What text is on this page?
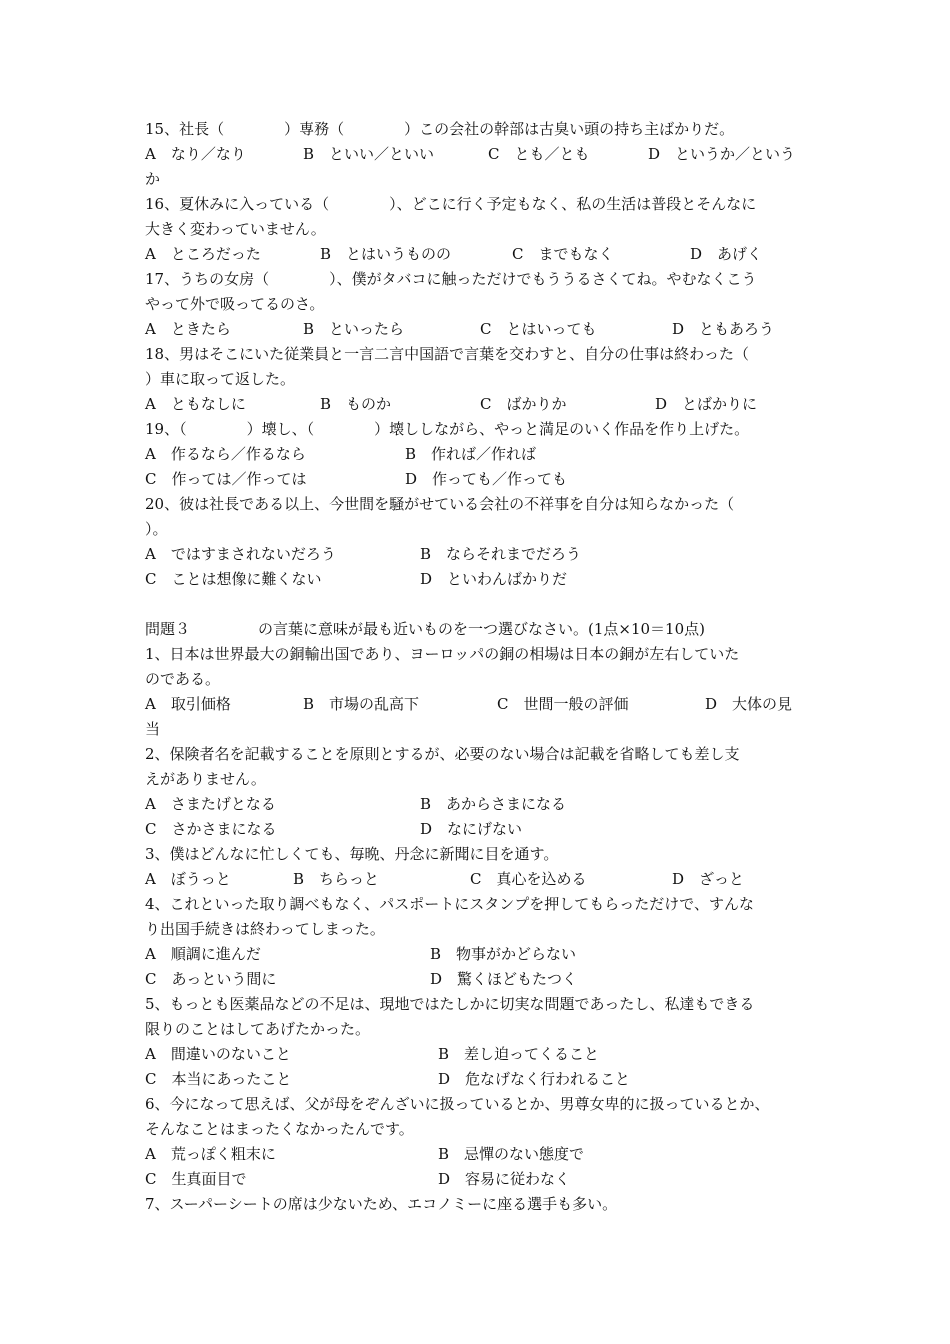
15、社長（　　　　）専務（　　　　）この会社の幹部は古臭い頭の持ち主ばかりだ。
A　なり／なり	B　といい／といい	C　とも／とも	D　というか／という
か
16、夏休みに入っている（　　　　）、どこに行く予定もなく、私の生活は普段とそんなに
大きく変わっていません。
A　ところだった	B　とはいうものの	C　までもなく	D　あげく
17、うちの女房（　　　　）、僕がタバコに触っただけでもううるさくてね。やむなくこう
やって外で吸ってるのさ。
A　ときたら	B　といったら	C　とはいっても	D　ともあろう
18、男はそこにいた従業員と一言二言中国語で言葉を交わすと、自分の仕事は終わった（
）車に取って返した。
A　ともなしに	B　ものか	C　ばかりか	D　とばかりに
19、（　　　　）壊し、（　　　　）壊ししながら、やっと満足のいく作品を作り上げた。
A　作るなら／作るなら	B　作れば／作れば
C　作っては／作っては	D　作っても／作っても
20、彼は社長である以上、今世間を騒がせている会社の不祥事を自分は知らなかった（
）。
A　ではすまされないだろう	B　ならそれまでだろう
C　ことは想像に難くない	D　といわんばかりだ
問題３	の言葉に意味が最も近いものを一つ選びなさい。(1点×10＝10点)
1、日本は世界最大の銅輸出国であり、ヨーロッパの銅の相場は日本の銅が左右していた
のである。
A　取引価格	B　市場の乱高下	C　世間一般の評価	D　大体の見
当
2、保険者名を記載することを原則とするが、必要のない場合は記載を省略しても差し支
えがありません。
A　さまたげとなる	B　あからさまになる
C　さかさまになる	D　なにげない
3、僕はどんなに忙しくても、毎晩、丹念に新聞に目を通す。
A　ぼうっと	B　ちらっと	C　真心を込める	D　ざっと
4、これといった取り調べもなく、パスポートにスタンプを押してもらっただけで、すんな
り出国手続きは終わってしまった。
A　順調に進んだ	B　物事がかどらない
C　あっという間に	D　驚くほどもたつく
5、もっとも医薬品などの不足は、現地ではたしかに切実な問題であったし、私達もできる
限りのことはしてあげたかった。
A　間違いのないこと	B　差し迫ってくること
C　本当にあったこと	D　危なげなく行われること
6、今になって思えば、父が母をぞんざいに扱っているとか、男尊女卑的に扱っているとか、
そんなことはまったくなかったんです。
A　荒っぽく粗末に	B　忌憚のない態度で
C　生真面目で	D　容易に従わなく
7、スーパーシートの席は少ないため、エコノミーに座る選手も多い。
